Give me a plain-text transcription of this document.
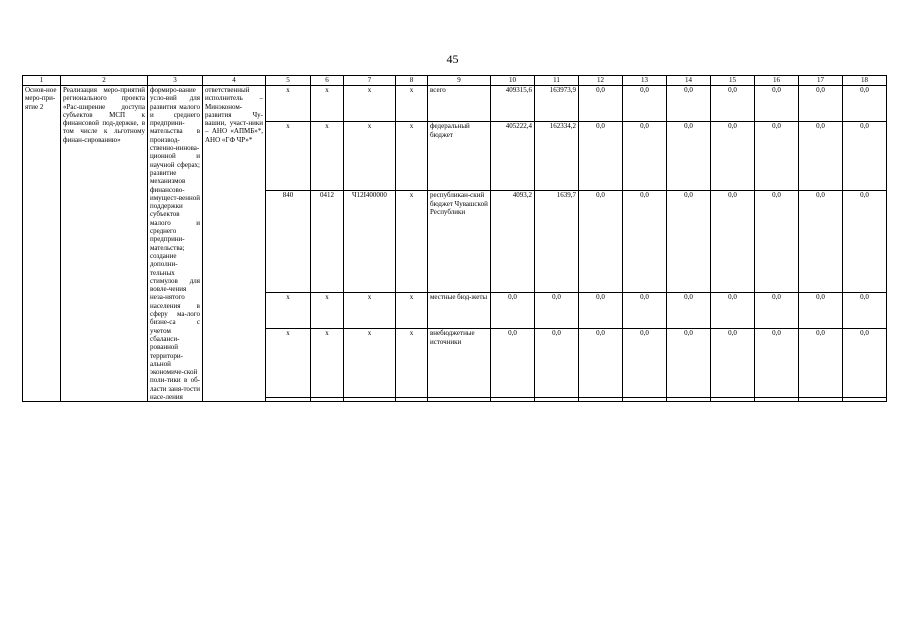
45
1	2	3	4	5	6	7	8	9	10	11	12	13	14	15	16	17	18
Основ-ное меро-при-ятие 2	Реализация меро-приятий регионального проекта «Рас-ширение доступа субъектов МСП к финансовой под-держке, в том числе к льготному финан-сированию»	формиро-вание усло-вий для развития малого и среднего предприни-мательства в производ-ственно-иннова-ционной и научной сферах; развитие механизмов финансово-имущест-венной поддержки субъектов малого и среднего предприни-мательства; создание дополни-тельных стимулов для вовле-чения неза-нятого населения в сферу ма-лого бизне-са с учетом сбаланси-рованной территори-альной экономиче-ской поли-тики в об-ласти заня-тости насе-ления	ответственный исполнитель – Минэконом-развития Чу-вашии, участ-ники – АНО «АПМБ»*, АНО «ГФ ЧР»*	х	х	х	х	всего	409315,6	163973,9	0,0	0,0	0,0	0,0	0,0	0,0	0,0
				х	х	х	х	федеральный бюджет	405222,4	162334,2	0,0	0,0	0,0	0,0	0,0	0,0	0,0
				840	0412	Ч12I400000	х	республикан-ский бюджет Чувашской Республики	4093,2	1639,7	0,0	0,0	0,0	0,0	0,0	0,0	0,0
				х	х	х	х	местные бюд-жеты	0,0	0,0	0,0	0,0	0,0	0,0	0,0	0,0	0,0
				х	х	х	х	внебюджетные источники	0,0	0,0	0,0	0,0	0,0	0,0	0,0	0,0	0,0
